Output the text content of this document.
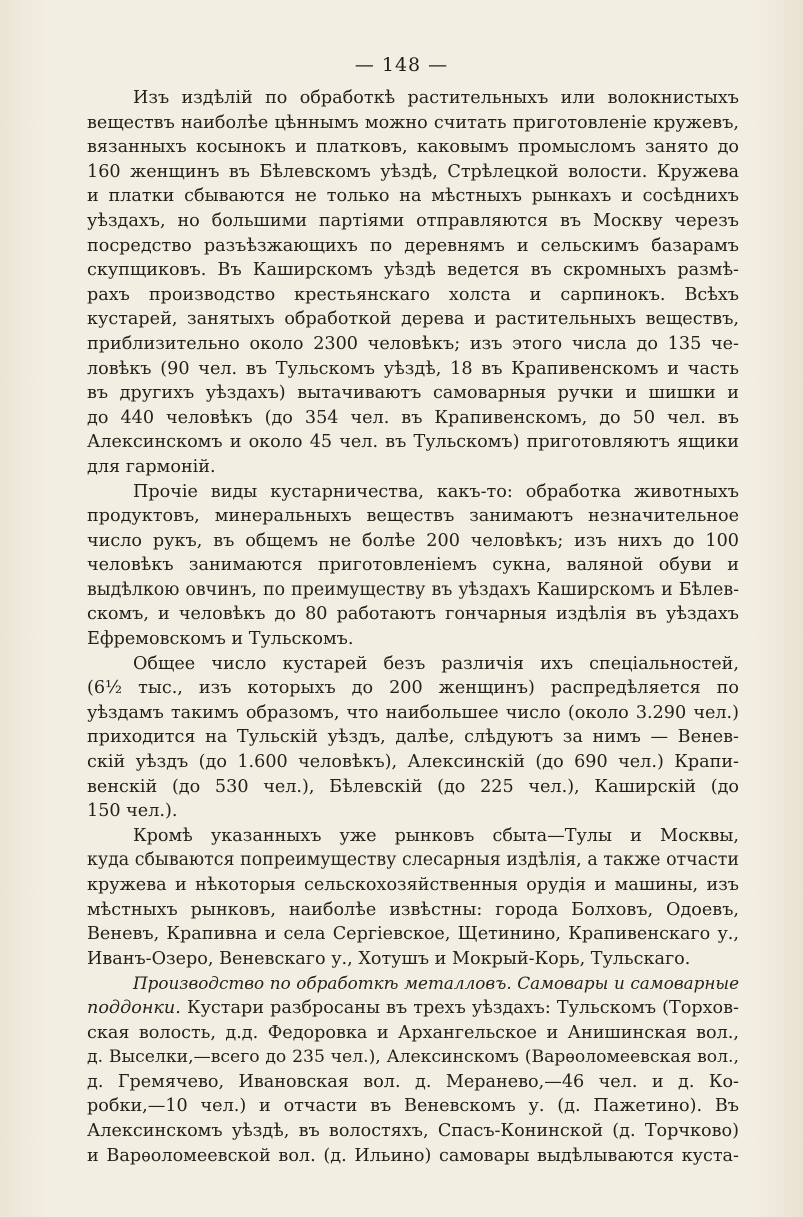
— 148 —
Изъ издѣлій по обработкѣ растительныхъ или волокнистыхъ
веществъ наиболѣе цѣннымъ можно считать приготовленіе кружевъ,
вязанныхъ косынокъ и платковъ, каковымъ промысломъ занято до
160 женщинъ въ Бѣлевскомъ уѣздѣ, Стрѣлецкой волости. Кружева
и платки сбываются не только на мѣстныхъ рынкахъ и сосѣднихъ
уѣздахъ, но большими партіями отправляются въ Москву черезъ
посредство разъѣзжающихъ по деревнямъ и сельскимъ базарамъ
скупщиковъ. Въ Каширскомъ уѣздѣ ведется въ скромныхъ размѣ-
рахъ производство крестьянскаго холста и сарпинокъ. Всѣхъ
кустарей, занятыхъ обработкой дерева и растительныхъ веществъ,
приблизительно около 2300 человѣкъ; изъ этого числа до 135 че-
ловѣкъ (90 чел. въ Тульскомъ уѣздѣ, 18 въ Крапивенскомъ и часть
въ другихъ уѣздахъ) вытачиваютъ самоварныя ручки и шишки и
до 440 человѣкъ (до 354 чел. въ Крапивенскомъ, до 50 чел. въ
Алексинскомъ и около 45 чел. въ Тульскомъ) приготовляютъ ящики
для гармоній.
Прочіе виды кустарничества, какъ-то: обработка животныхъ
продуктовъ, минеральныхъ веществъ занимаютъ незначительное
число рукъ, въ общемъ не болѣе 200 человѣкъ; изъ нихъ до 100
человѣкъ занимаются приготовленіемъ сукна, валяной обуви и
выдѣлкою овчинъ, по преимуществу въ уѣздахъ Каширскомъ и Бѣлев-
скомъ, и человѣкъ до 80 работаютъ гончарныя издѣлія въ уѣздахъ
Ефремовскомъ и Тульскомъ.
Общее число кустарей безъ различія ихъ спеціальностей,
(6½ тыс., изъ которыхъ до 200 женщинъ) распредѣляется по
уѣздамъ такимъ образомъ, что наибольшее число (около 3.290 чел.)
приходится на Тульскій уѣздъ, далѣе, слѣдуютъ за нимъ — Венев-
скій уѣздъ (до 1.600 человѣкъ), Алексинскій (до 690 чел.) Крапи-
венскій (до 530 чел.), Бѣлевскій (до 225 чел.), Каширскій (до
150 чел.).
Кромѣ указанныхъ уже рынковъ сбыта—Тулы и Москвы,
куда сбываются попреимуществу слесарныя издѣлія, а также отчасти
кружева и нѣкоторыя сельскохозяйственныя орудія и машины, изъ
мѣстныхъ рынковъ, наиболѣе извѣстны: города Болховъ, Одоевъ,
Веневъ, Крапивна и села Сергіевское, Щетинино, Крапивенскаго у.,
Иванъ-Озеро, Веневскаго у., Хотушъ и Мокрый-Корь, Тульскаго.
Производство по обработкѣ металловъ. Самовары и самоварные
поддонки. Кустари разбросаны въ трехъ уѣздахъ: Тульскомъ (Торхов-
ская волость, д.д. Федоровка и Архангельское и Анишинская вол.,
д. Выселки,—всего до 235 чел.), Алексинскомъ (Варѳоломеевская вол.,
д. Гремячево, Ивановская вол. д. Меранево,—46 чел. и д. Ко-
робки,—10 чел.) и отчасти въ Веневскомъ у. (д. Пажетино). Въ
Алексинскомъ уѣздѣ, въ волостяхъ, Спасъ-Конинской (д. Торчково)
и Варѳоломеевской вол. (д. Ильино) самовары выдѣлываются куста-
